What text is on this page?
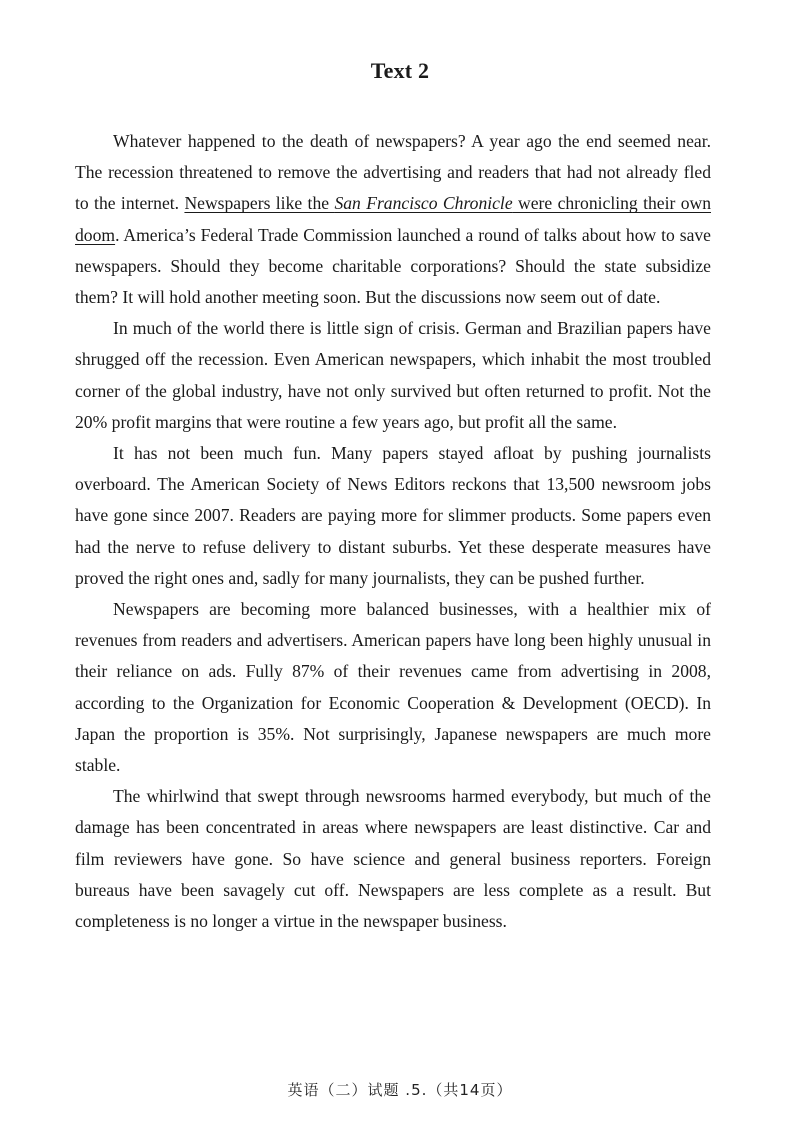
Text 2

Whatever happened to the death of newspapers? A year ago the end seemed near. The recession threatened to remove the advertising and readers that had not already fled to the internet. Newspapers like the San Francisco Chronicle were chronicling their own doom. America’s Federal Trade Commission launched a round of talks about how to save newspapers. Should they become charitable corporations? Should the state subsidize them? It will hold another meeting soon. But the discussions now seem out of date.

In much of the world there is little sign of crisis. German and Brazilian papers have shrugged off the recession. Even American newspapers, which inhabit the most troubled corner of the global industry, have not only survived but often returned to profit. Not the 20% profit margins that were routine a few years ago, but profit all the same.

It has not been much fun. Many papers stayed afloat by pushing journalists overboard. The American Society of News Editors reckons that 13,500 newsroom jobs have gone since 2007. Readers are paying more for slimmer products. Some papers even had the nerve to refuse delivery to distant suburbs. Yet these desperate measures have proved the right ones and, sadly for many journalists, they can be pushed further.

Newspapers are becoming more balanced businesses, with a healthier mix of revenues from readers and advertisers. American papers have long been highly unusual in their reliance on ads. Fully 87% of their revenues came from advertising in 2008, according to the Organization for Economic Cooperation & Development (OECD). In Japan the proportion is 35%. Not surprisingly, Japanese newspapers are much more stable.

The whirlwind that swept through newsrooms harmed everybody, but much of the damage has been concentrated in areas where newspapers are least distinctive. Car and film reviewers have gone. So have science and general business reporters. Foreign bureaus have been savagely cut off. Newspapers are less complete as a result. But completeness is no longer a virtue in the newspaper business.

英语（二）试题 .5.（共14页）
